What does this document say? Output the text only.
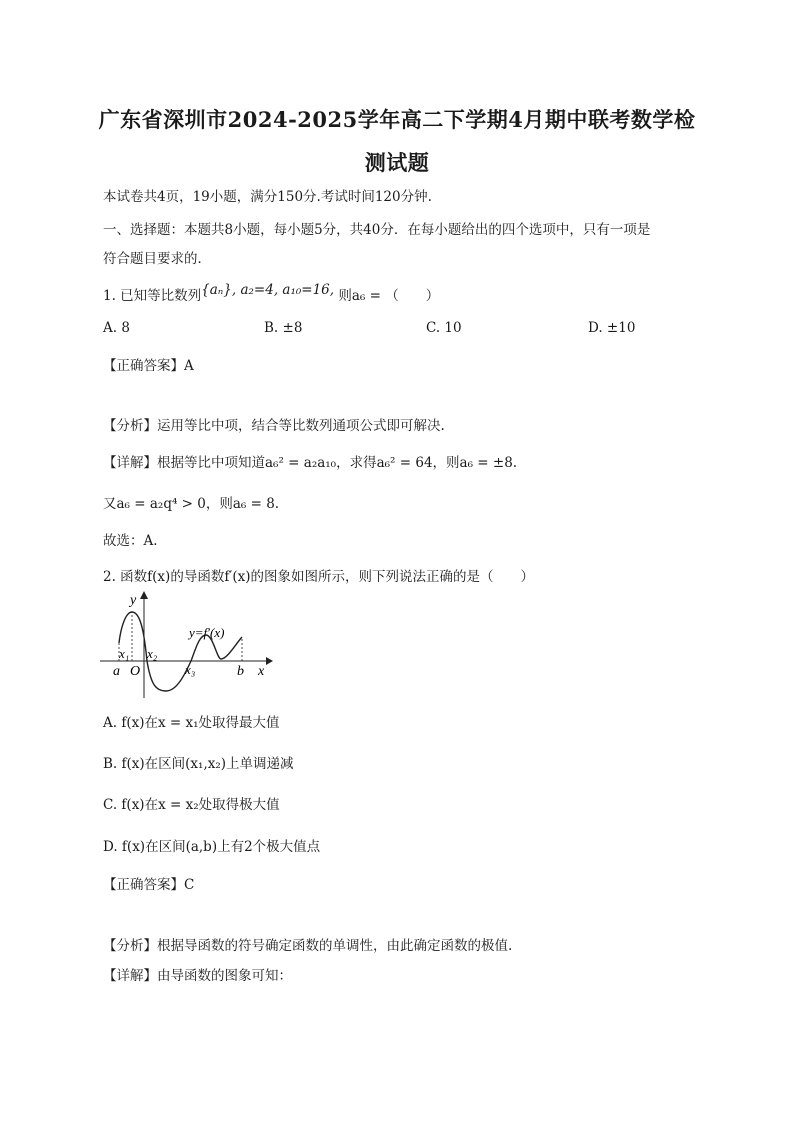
广东省深圳市2024-2025学年高二下学期4月期中联考数学检
测试题
本试卷共4页，19小题，满分150分.考试时间120分钟.
一、选择题：本题共8小题，每小题5分，共40分．在每小题给出的四个选项中，只有一项是
符合题目要求的．
1. 已知等比数列{aₙ}, a₂=4, a₁₀=16, 则a₆ = （　　）
A. 8	B. ±8	C. 10	D. ±10
【正确答案】A
【分析】运用等比中项，结合等比数列通项公式即可解决.
【详解】根据等比中项知道a₆² = a₂a₁₀，求得a₆² = 64，则a₆ = ±8.
又a₆ = a₂q⁴ > 0，则a₆ = 8.
故选：A.
2. 函数f(x)的导函数f′(x)的图象如图所示，则下列说法正确的是（　　）
y
x
y=f′(x)
a O	b
x₁ x₂
x₃
A. f(x)在x = x₁处取得最大值
B. f(x)在区间(x₁,x₂)上单调递减
C. f(x)在x = x₂处取得极大值
D. f(x)在区间(a,b)上有2个极大值点
【正确答案】C
【分析】根据导函数的符号确定函数的单调性，由此确定函数的极值.
【详解】由导函数的图象可知：
